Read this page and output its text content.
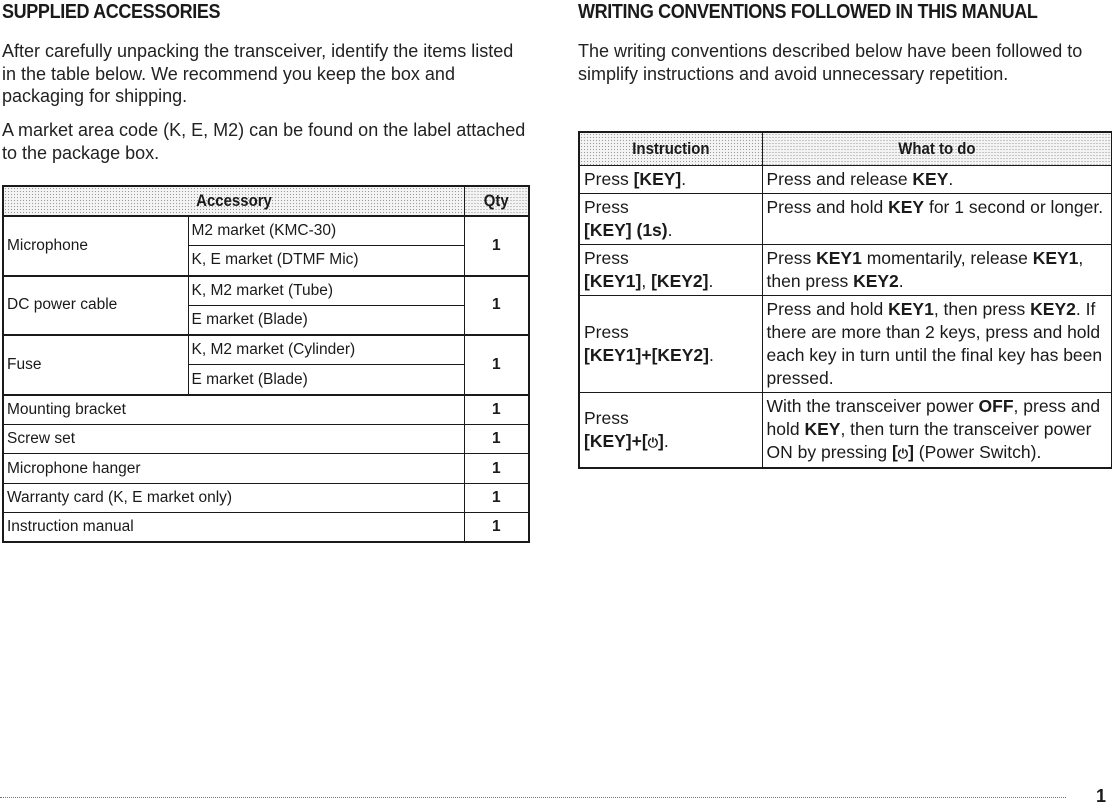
SUPPLIED ACCESSORIES

After carefully unpacking the transceiver, identify the items listed in the table below. We recommend you keep the box and packaging for shipping.

A market area code (K, E, M2) can be found on the label attached to the package box.

Accessory		Qty
Microphone	M2 market (KMC-30)	1
	K, E market (DTMF Mic)	
DC power cable	K, M2 market (Tube)	1
	E market (Blade)	
Fuse	K, M2 market (Cylinder)	1
	E market (Blade)	
Mounting bracket		1
Screw set		1
Microphone hanger		1
Warranty card (K, E market only)		1
Instruction manual		1
WRITING CONVENTIONS FOLLOWED IN THIS MANUAL

The writing conventions described below have been followed to simplify instructions and avoid unnecessary repetition.

Instruction	What to do
Press [KEY].	Press and release KEY.
Press
[KEY] (1s).	Press and hold KEY for 1 second or longer.
Press
[KEY1], [KEY2].	Press KEY1 momentarily, release KEY1, then press KEY2.
Press
[KEY1]+[KEY2].	Press and hold KEY1, then press KEY2. If there are more than 2 keys, press and hold each key in turn until the final key has been pressed.
Press
[KEY]+[⏻].	With the transceiver power OFF, press and hold KEY, then turn the transceiver power ON by pressing [⏻] (Power Switch).
1
